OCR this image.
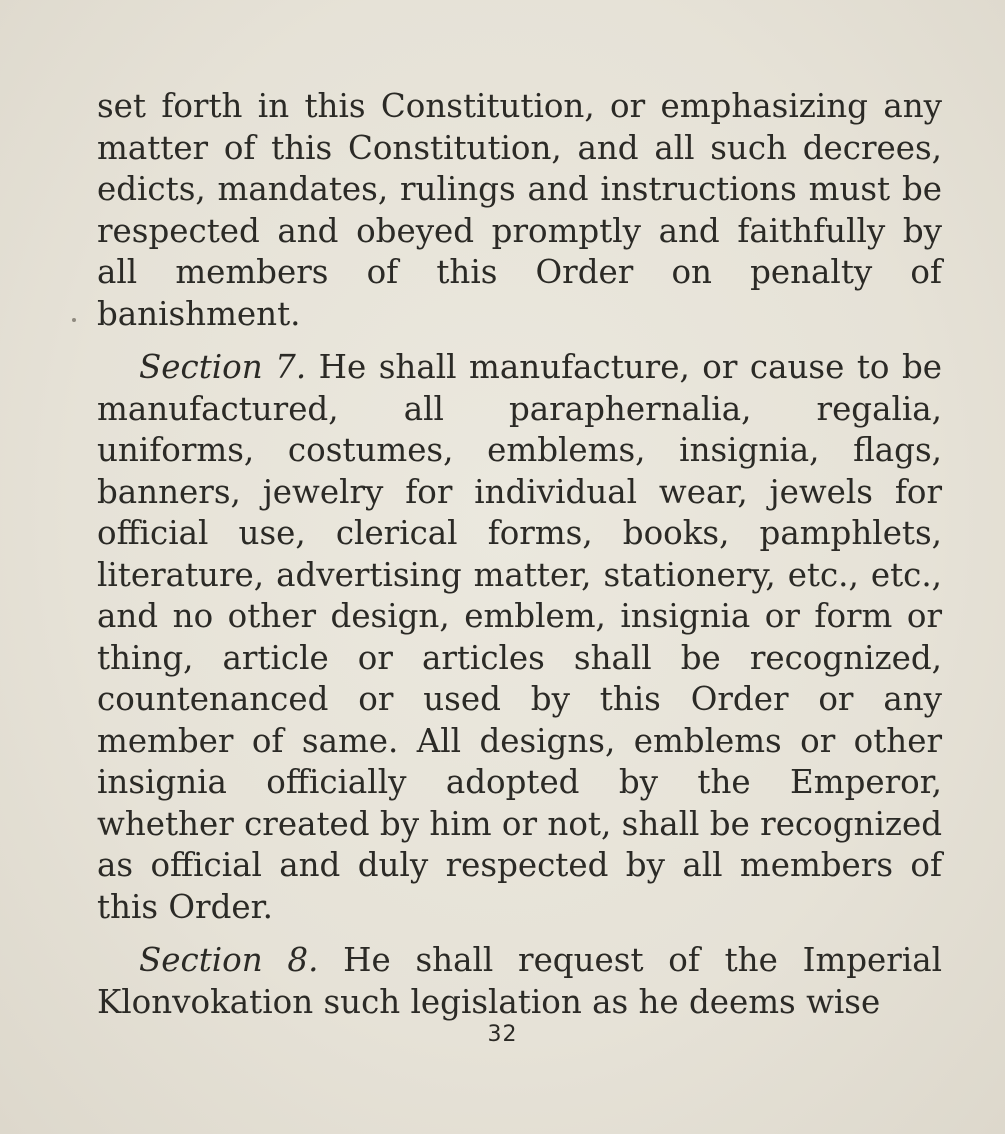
set forth in this Constitution, or emphasizing any matter of this Constitution, and all such decrees, edicts, mandates, rulings and instructions must be respected and obeyed promptly and faithfully by all members of this Order on penalty of banishment.

Section 7. He shall manufacture, or cause to be manufactured, all paraphernalia, regalia, uniforms, costumes, emblems, insignia, flags, banners, jewelry for individual wear, jewels for official use, clerical forms, books, pamphlets, literature, advertising matter, stationery, etc., etc., and no other design, emblem, insignia or form or thing, article or articles shall be recognized, countenanced or used by this Order or any member of same. All designs, emblems or other insignia officially adopted by the Emperor, whether created by him or not, shall be recognized as official and duly respected by all members of this Order.

Section 8. He shall request of the Imperial Klonvokation such legislation as he deems wise

32
